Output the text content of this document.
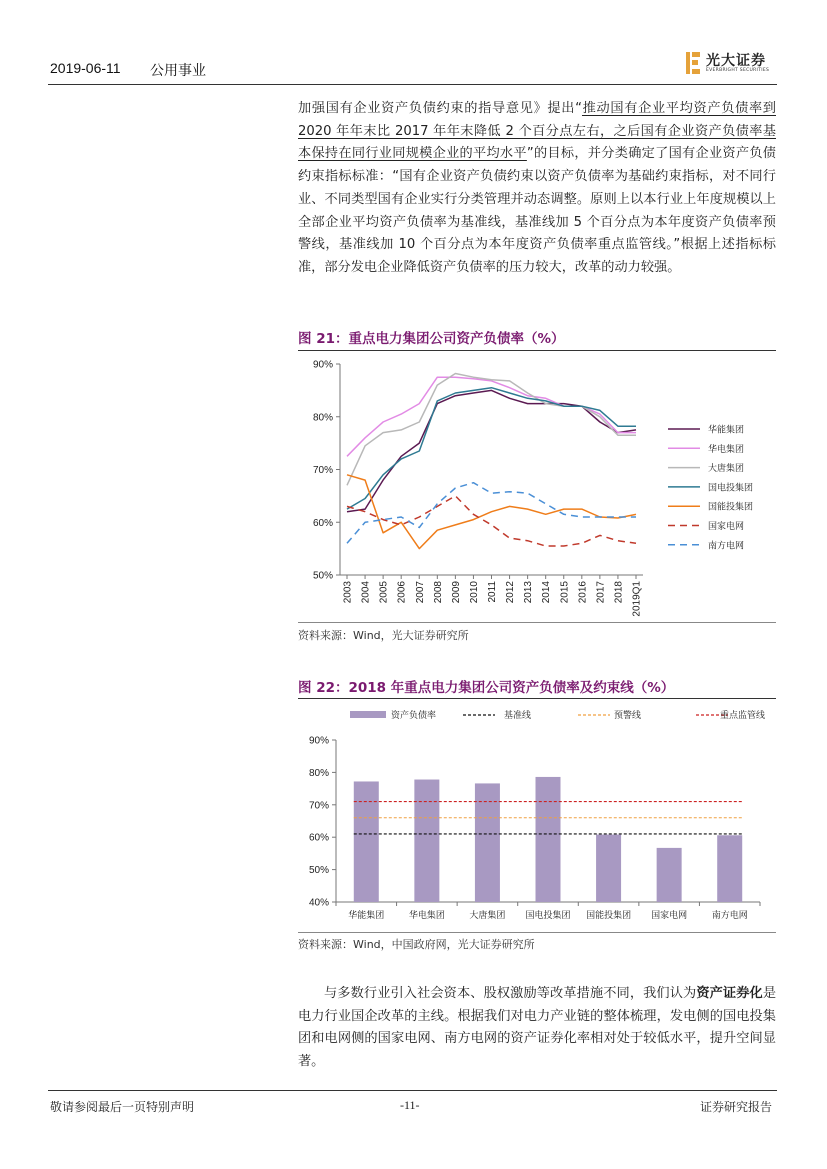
2019-06-11 公用事业
光大证券
EVERBRIGHT SECURITIES
加强国有企业资产负债约束的指导意见》提出“推动国有企业平均资产负债率到 2020 年年末比 2017 年年末降低 2 个百分点左右，之后国有企业资产负债率基本保持在同行业同规模企业的平均水平”的目标，并分类确定了国有企业资产负债约束指标标准：“国有企业资产负债约束以资产负债率为基础约束指标，对不同行业、不同类型国有企业实行分类管理并动态调整。原则上以本行业上年度规模以上全部企业平均资产负债率为基准线，基准线加 5 个百分点为本年度资产负债率预警线，基准线加 10 个百分点为本年度资产负债率重点监管线。”根据上述指标标准，部分发电企业降低资产负债率的压力较大，改革的动力较强。
图 21：重点电力集团公司资产负债率（%）
50%
60%
70%
80%
90%
2003 2004 2005 2006 2007 2008 2009 2010 2011 2012 2013 2014 2015 2016 2017 2018 2019Q1
华能集团
华电集团
大唐集团
国电投集团
国能投集团
国家电网
南方电网
资料来源：Wind，光大证券研究所
图 22：2018 年重点电力集团公司资产负债率及约束线（%）
资产负债率	基准线	预警线	重点监管线
40%
50%
60%
70%
80%
90%
华能集团	华电集团	大唐集团 国电投集团 国能投集团 国家电网	南方电网
资料来源：Wind，中国政府网，光大证券研究所
与多数行业引入社会资本、股权激励等改革措施不同，我们认为资产证券化是电力行业国企改革的主线。根据我们对电力产业链的整体梳理，发电侧的国电投集团和电网侧的国家电网、南方电网的资产证券化率相对处于较低水平，提升空间显著。
敬请参阅最后一页特别声明	-11-	证券研究报告
